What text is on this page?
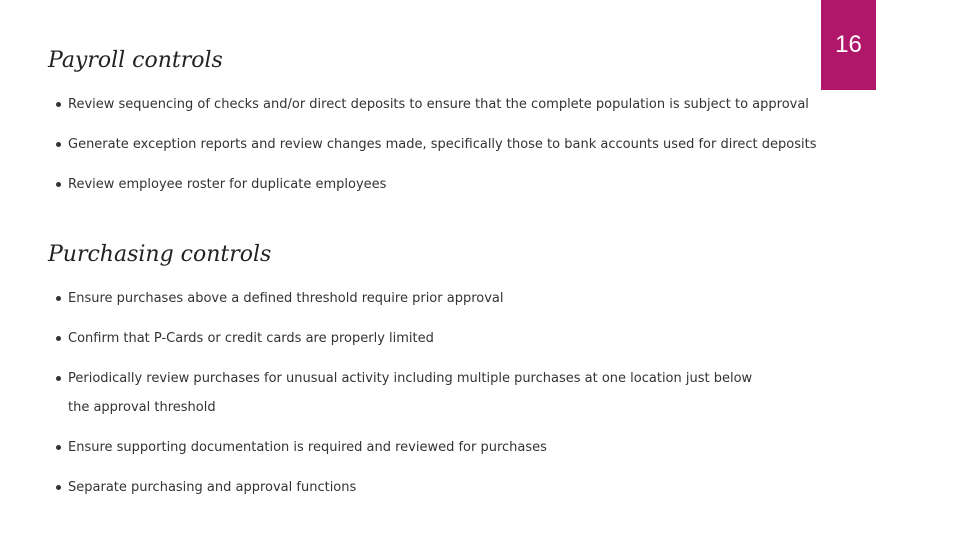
16
Payroll controls
Review sequencing of checks and/or direct deposits to ensure that the complete population is subject to approval
Generate exception reports and review changes made, specifically those to bank accounts used for direct deposits
Review employee roster for duplicate employees
Purchasing controls
Ensure purchases above a defined threshold require prior approval
Confirm that P-Cards or credit cards are properly limited
Periodically review purchases for unusual activity including multiple purchases at one location just below the approval threshold
Ensure supporting documentation is required and reviewed for purchases
Separate purchasing and approval functions
